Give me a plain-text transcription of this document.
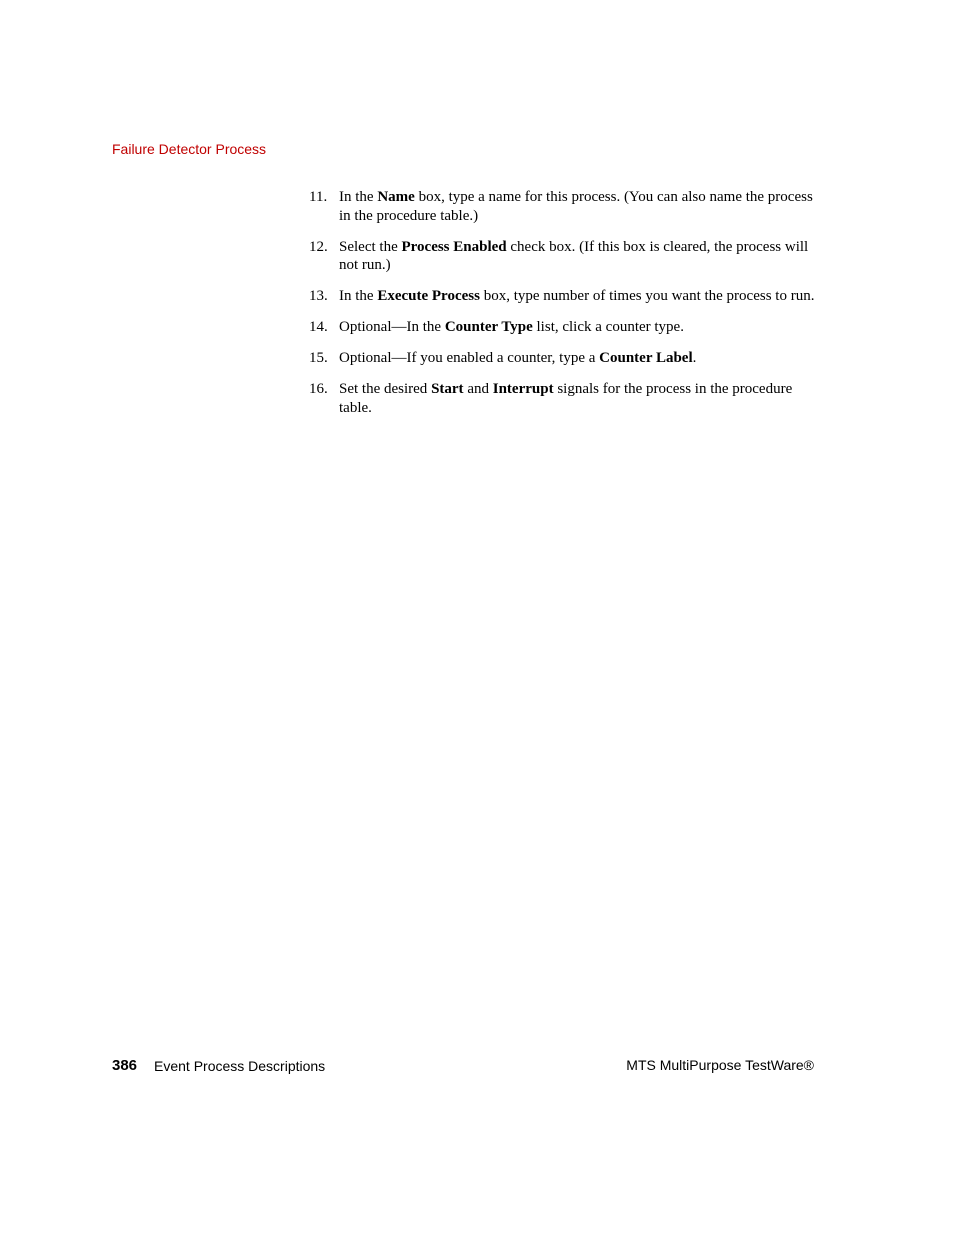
Failure Detector Process
11. In the Name box, type a name for this process. (You can also name the process in the procedure table.)
12. Select the Process Enabled check box. (If this box is cleared, the process will not run.)
13. In the Execute Process box, type number of times you want the process to run.
14. Optional—In the Counter Type list, click a counter type.
15. Optional—If you enabled a counter, type a Counter Label.
16. Set the desired Start and Interrupt signals for the process in the procedure table.
386 Event Process Descriptions	MTS MultiPurpose TestWare®
